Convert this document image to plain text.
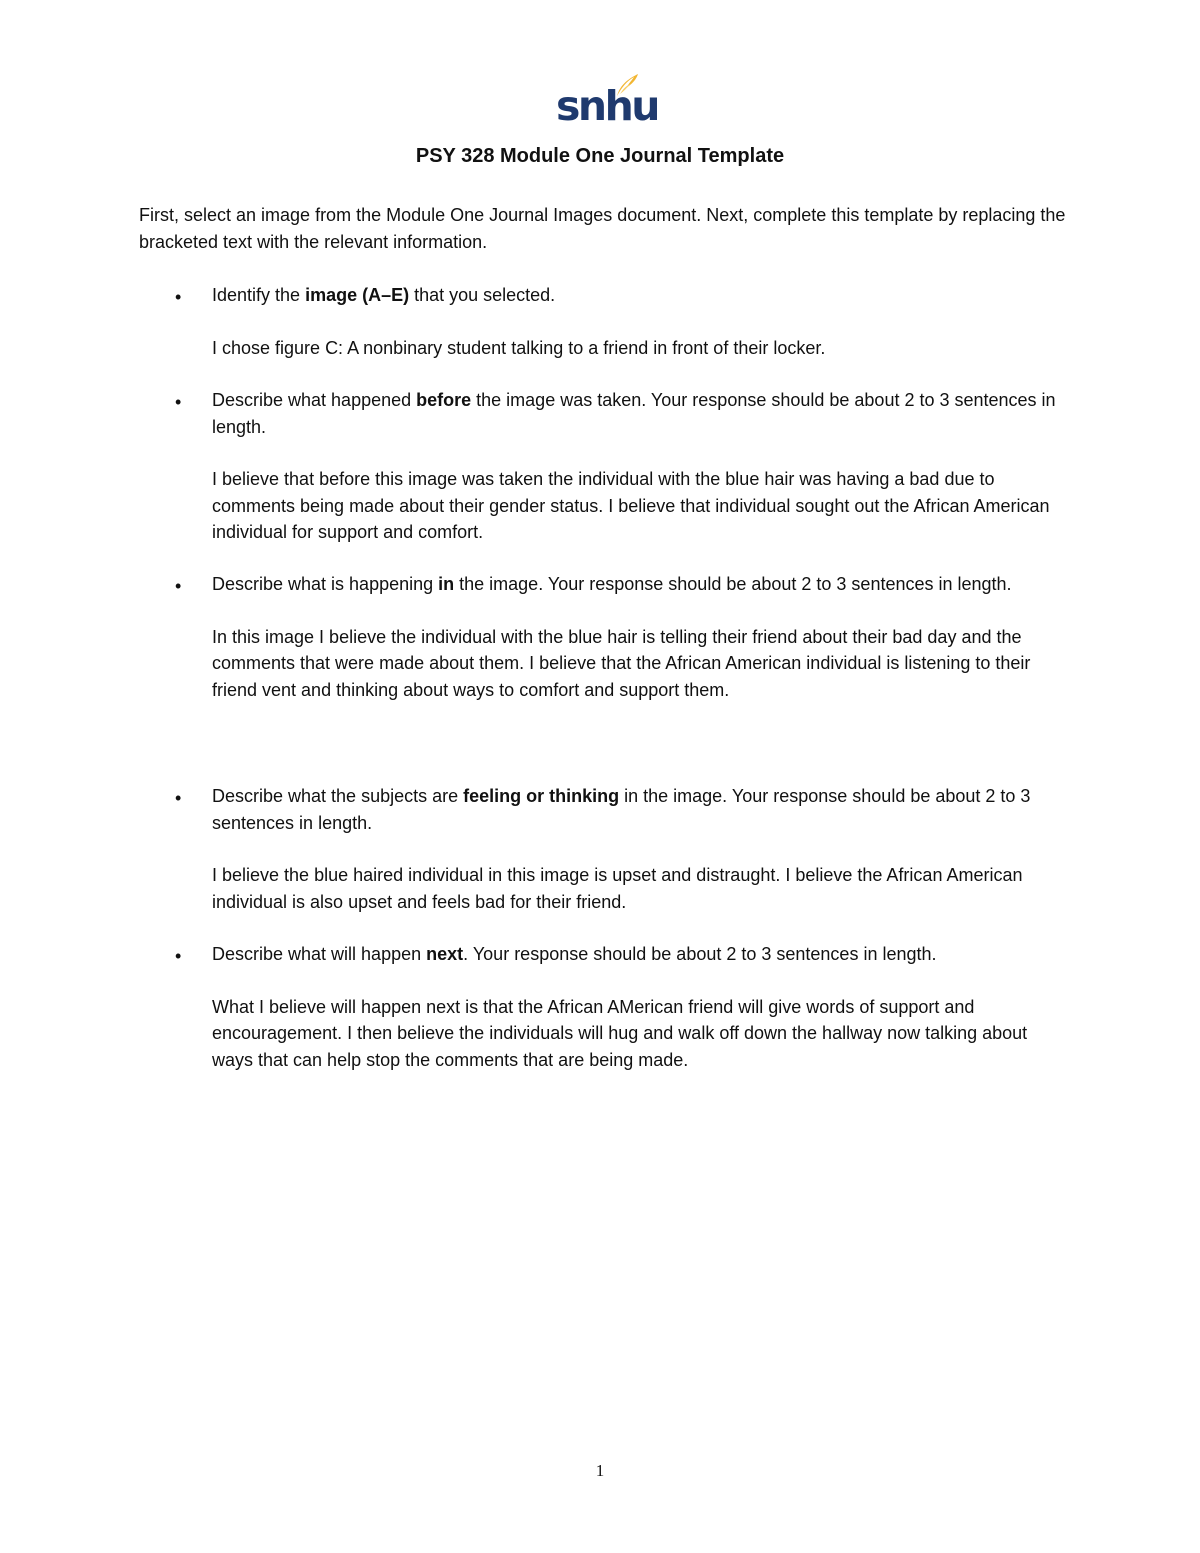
snhu
PSY 328 Module One Journal Template
First, select an image from the Module One Journal Images document. Next, complete this template by replacing the bracketed text with the relevant information.
• Identify the image (A–E) that you selected.
I chose figure C: A nonbinary student talking to a friend in front of their locker.
• Describe what happened before the image was taken. Your response should be about 2 to 3 sentences in length.
I believe that before this image was taken the individual with the blue hair was having a bad due to comments being made about their gender status. I believe that individual sought out the African American individual for support and comfort.
• Describe what is happening in the image. Your response should be about 2 to 3 sentences in length.
In this image I believe the individual with the blue hair is telling their friend about their bad day and the comments that were made about them. I believe that the African American individual is listening to their friend vent and thinking about ways to comfort and support them.
• Describe what the subjects are feeling or thinking in the image. Your response should be about 2 to 3 sentences in length.
I believe the blue haired individual in this image is upset and distraught. I believe the African American individual is also upset and feels bad for their friend.
• Describe what will happen next. Your response should be about 2 to 3 sentences in length.
What I believe will happen next is that the African AMerican friend will give words of support and encouragement. I then believe the individuals will hug and walk off down the hallway now talking about ways that can help stop the comments that are being made.
1
